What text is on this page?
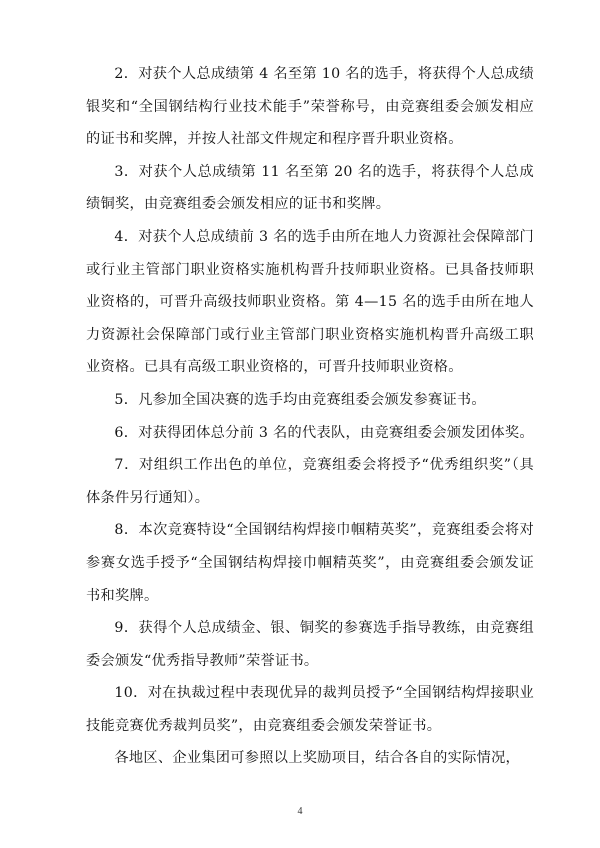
2．对获个人总成绩第 4 名至第 10 名的选手，将获得个人总成绩银奖和“全国钢结构行业技术能手”荣誉称号，由竞赛组委会颁发相应的证书和奖牌，并按人社部文件规定和程序晋升职业资格。

3．对获个人总成绩第 11 名至第 20 名的选手，将获得个人总成绩铜奖，由竞赛组委会颁发相应的证书和奖牌。

4．对获个人总成绩前 3 名的选手由所在地人力资源社会保障部门或行业主管部门职业资格实施机构晋升技师职业资格。已具备技师职业资格的，可晋升高级技师职业资格。第 4—15 名的选手由所在地人力资源社会保障部门或行业主管部门职业资格实施机构晋升高级工职业资格。已具有高级工职业资格的，可晋升技师职业资格。

5．凡参加全国决赛的选手均由竞赛组委会颁发参赛证书。

6．对获得团体总分前 3 名的代表队，由竞赛组委会颁发团体奖。

7．对组织工作出色的单位，竞赛组委会将授予“优秀组织奖”（具体条件另行通知）。

8．本次竞赛特设“全国钢结构焊接巾帼精英奖”，竞赛组委会将对参赛女选手授予“全国钢结构焊接巾帼精英奖”，由竞赛组委会颁发证书和奖牌。

9．获得个人总成绩金、银、铜奖的参赛选手指导教练，由竞赛组委会颁发“优秀指导教师”荣誉证书。

10．对在执裁过程中表现优异的裁判员授予“全国钢结构焊接职业技能竞赛优秀裁判员奖”，由竞赛组委会颁发荣誉证书。

各地区、企业集团可参照以上奖励项目，结合各自的实际情况，

4
